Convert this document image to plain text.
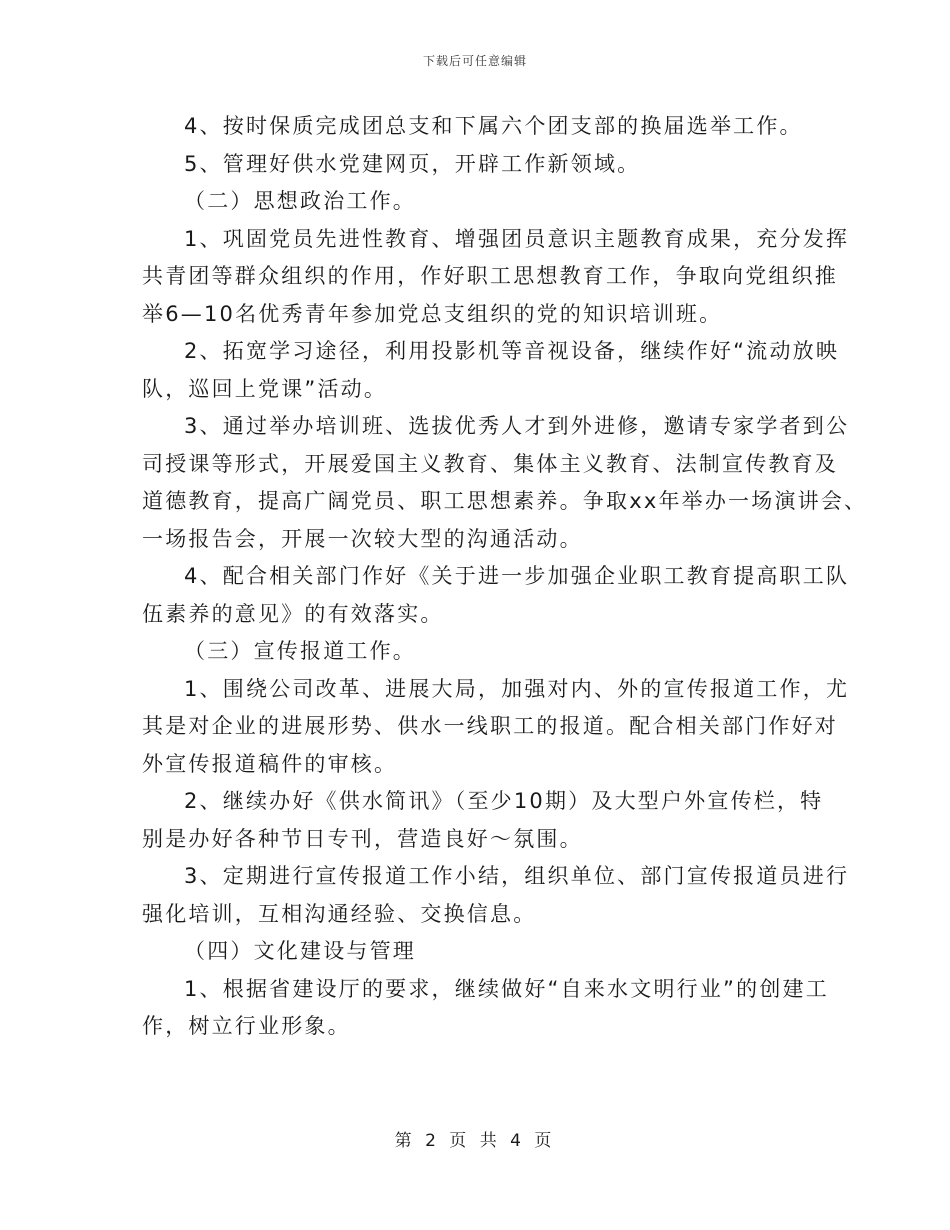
下载后可任意编辑
4、按时保质完成团总支和下属六个团支部的换届选举工作。
5、管理好供水党建网页，开辟工作新领域。
（二）思想政治工作。
1、巩固党员先进性教育、增强团员意识主题教育成果，充分发挥
共青团等群众组织的作用，作好职工思想教育工作，争取向党组织推
举6—10名优秀青年参加党总支组织的党的知识培训班。
2、拓宽学习途径，利用投影机等音视设备，继续作好“流动放映
队，巡回上党课”活动。
3、通过举办培训班、选拔优秀人才到外进修，邀请专家学者到公
司授课等形式，开展爱国主义教育、集体主义教育、法制宣传教育及
道德教育，提高广阔党员、职工思想素养。争取xx年举办一场演讲会、
一场报告会，开展一次较大型的沟通活动。
4、配合相关部门作好《关于进一步加强企业职工教育提高职工队
伍素养的意见》的有效落实。
（三）宣传报道工作。
1、围绕公司改革、进展大局，加强对内、外的宣传报道工作，尤
其是对企业的进展形势、供水一线职工的报道。配合相关部门作好对
外宣传报道稿件的审核。
2、继续办好《供水简讯》（至少10期）及大型户外宣传栏，特
别是办好各种节日专刊，营造良好～氛围。
3、定期进行宣传报道工作小结，组织单位、部门宣传报道员进行
强化培训，互相沟通经验、交换信息。
（四）文化建设与管理
1、根据省建设厅的要求，继续做好“自来水文明行业”的创建工
作，树立行业形象。
第 2 页 共 4 页
